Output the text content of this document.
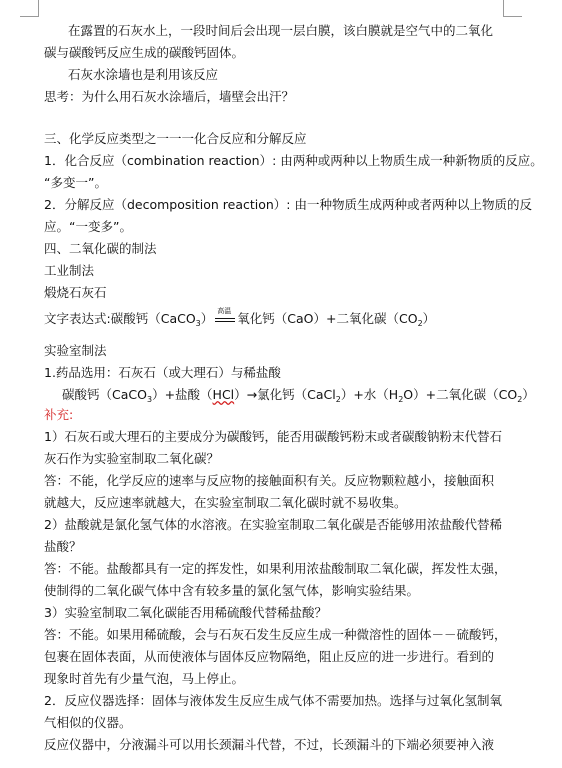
在露置的石灰水上，一段时间后会出现一层白膜，该白膜就是空气中的二氧化
碳与碳酸钙反应生成的碳酸钙固体。
石灰水涂墙也是利用该反应
思考：为什么用石灰水涂墙后，墙壁会出汗？
三、化学反应类型之一一一化合反应和分解反应
1．化合反应（combination reaction）: 由两种或两种以上物质生成一种新物质的反应。
“多变一”。
2．分解反应（decomposition reaction）: 由一种物质生成两种或者两种以上物质的反
应。“一变多”。
四、二氧化碳的制法
工业制法
煅烧石灰石
文字表达式:碳酸钙（CaCO$_3$） 高温 氧化钙（CaO）+二氧化碳$(CO_2)$
实验室制法
1.药品选用：石灰石（或大理石）与稀盐酸
碳酸钙（CaCO$_3$）+盐酸（HCl）→氯化钙（CaCl$_2$）+水$(H_2O)+$二氧化碳$(CO_2)$
补充:
1）石灰石或大理石的主要成分为碳酸钙，能否用碳酸钙粉末或者碳酸钠粉末代替石
灰石作为实验室制取二氧化碳？
答：不能，化学反应的速率与反应物的接触面积有关。反应物颗粒越小，接触面积
就越大，反应速率就越大，在实验室制取二氧化碳时就不易收集。
2）盐酸就是氯化氢气体的水溶液。在实验室制取二氧化碳是否能够用浓盐酸代替稀
盐酸？
答：不能。盐酸都具有一定的挥发性，如果利用浓盐酸制取二氧化碳，挥发性太强，
使制得的二氧化碳气体中含有较多量的氯化氢气体，影响实验结果。
3）实验室制取二氧化碳能否用稀硫酸代替稀盐酸？
答：不能。如果用稀硫酸，会与石灰石发生反应生成一种微溶性的固体－－硫酸钙，
包裹在固体表面，从而使液体与固体反应物隔绝，阻止反应的进一步进行。看到的
现象时首先有少量气泡，马上停止。
2．反应仪器选择：固体与液体发生反应生成气体不需要加热。选择与过氧化氢制氧
气相似的仪器。
反应仪器中，分液漏斗可以用长颈漏斗代替，不过，长颈漏斗的下端必须要神入液
